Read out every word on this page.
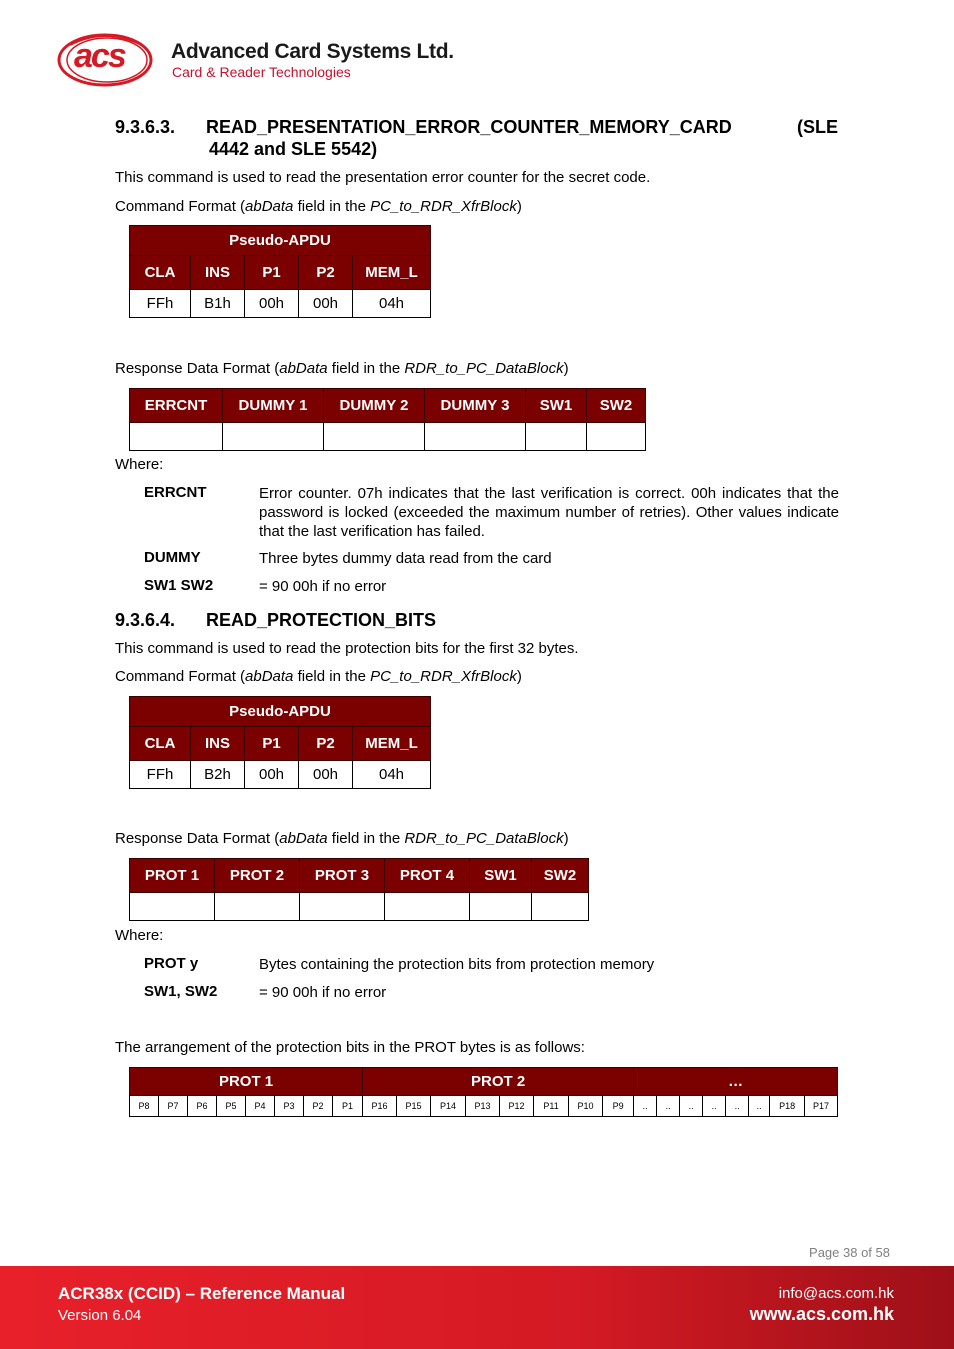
acs Advanced Card Systems Ltd.
Card & Reader Technologies
9.3.6.3. READ_PRESENTATION_ERROR_COUNTER_MEMORY_CARD (SLE
4442 and SLE 5542)

This command is used to read the presentation error counter for the secret code.

Command Format (abData field in the PC_to_RDR_XfrBlock)

Pseudo-APDU				
CLA	INS	P1	P2	MEM_L
FFh	B1h	00h	00h	04h

Response Data Format (abData field in the RDR_to_PC_DataBlock)

ERRCNT	DUMMY 1	DUMMY 2	DUMMY 3	SW1	SW2

Where:

ERRCNT	Error counter. 07h indicates that the last verification is correct. 00h indicates that the password is locked (exceeded the maximum number of retries). Other values indicate that the last verification has failed.
DUMMY	Three bytes dummy data read from the card
SW1 SW2	= 90 00h if no error
9.3.6.4. READ_PROTECTION_BITS

This command is used to read the protection bits for the first 32 bytes.

Command Format (abData field in the PC_to_RDR_XfrBlock)

Pseudo-APDU				
CLA	INS	P1	P2	MEM_L
FFh	B2h	00h	00h	04h

Response Data Format (abData field in the RDR_to_PC_DataBlock)

PROT 1	PROT 2	PROT 3	PROT 4	SW1	SW2

Where:

PROT y	Bytes containing the protection bits from protection memory
SW1, SW2	= 90 00h if no error

The arrangement of the protection bits in the PROT bytes is as follows:

PROT 1								PROT 2								…							
P8	P7	P6	P5	P4	P3	P2	P1	P16	P15	P14	P13	P12	P11	P10	P9	..	..	..	..	..	..	P18	P17
Page 38 of 58
ACR38x (CCID) – Reference Manual
Version 6.04
info@acs.com.hk
www.acs.com.hk
